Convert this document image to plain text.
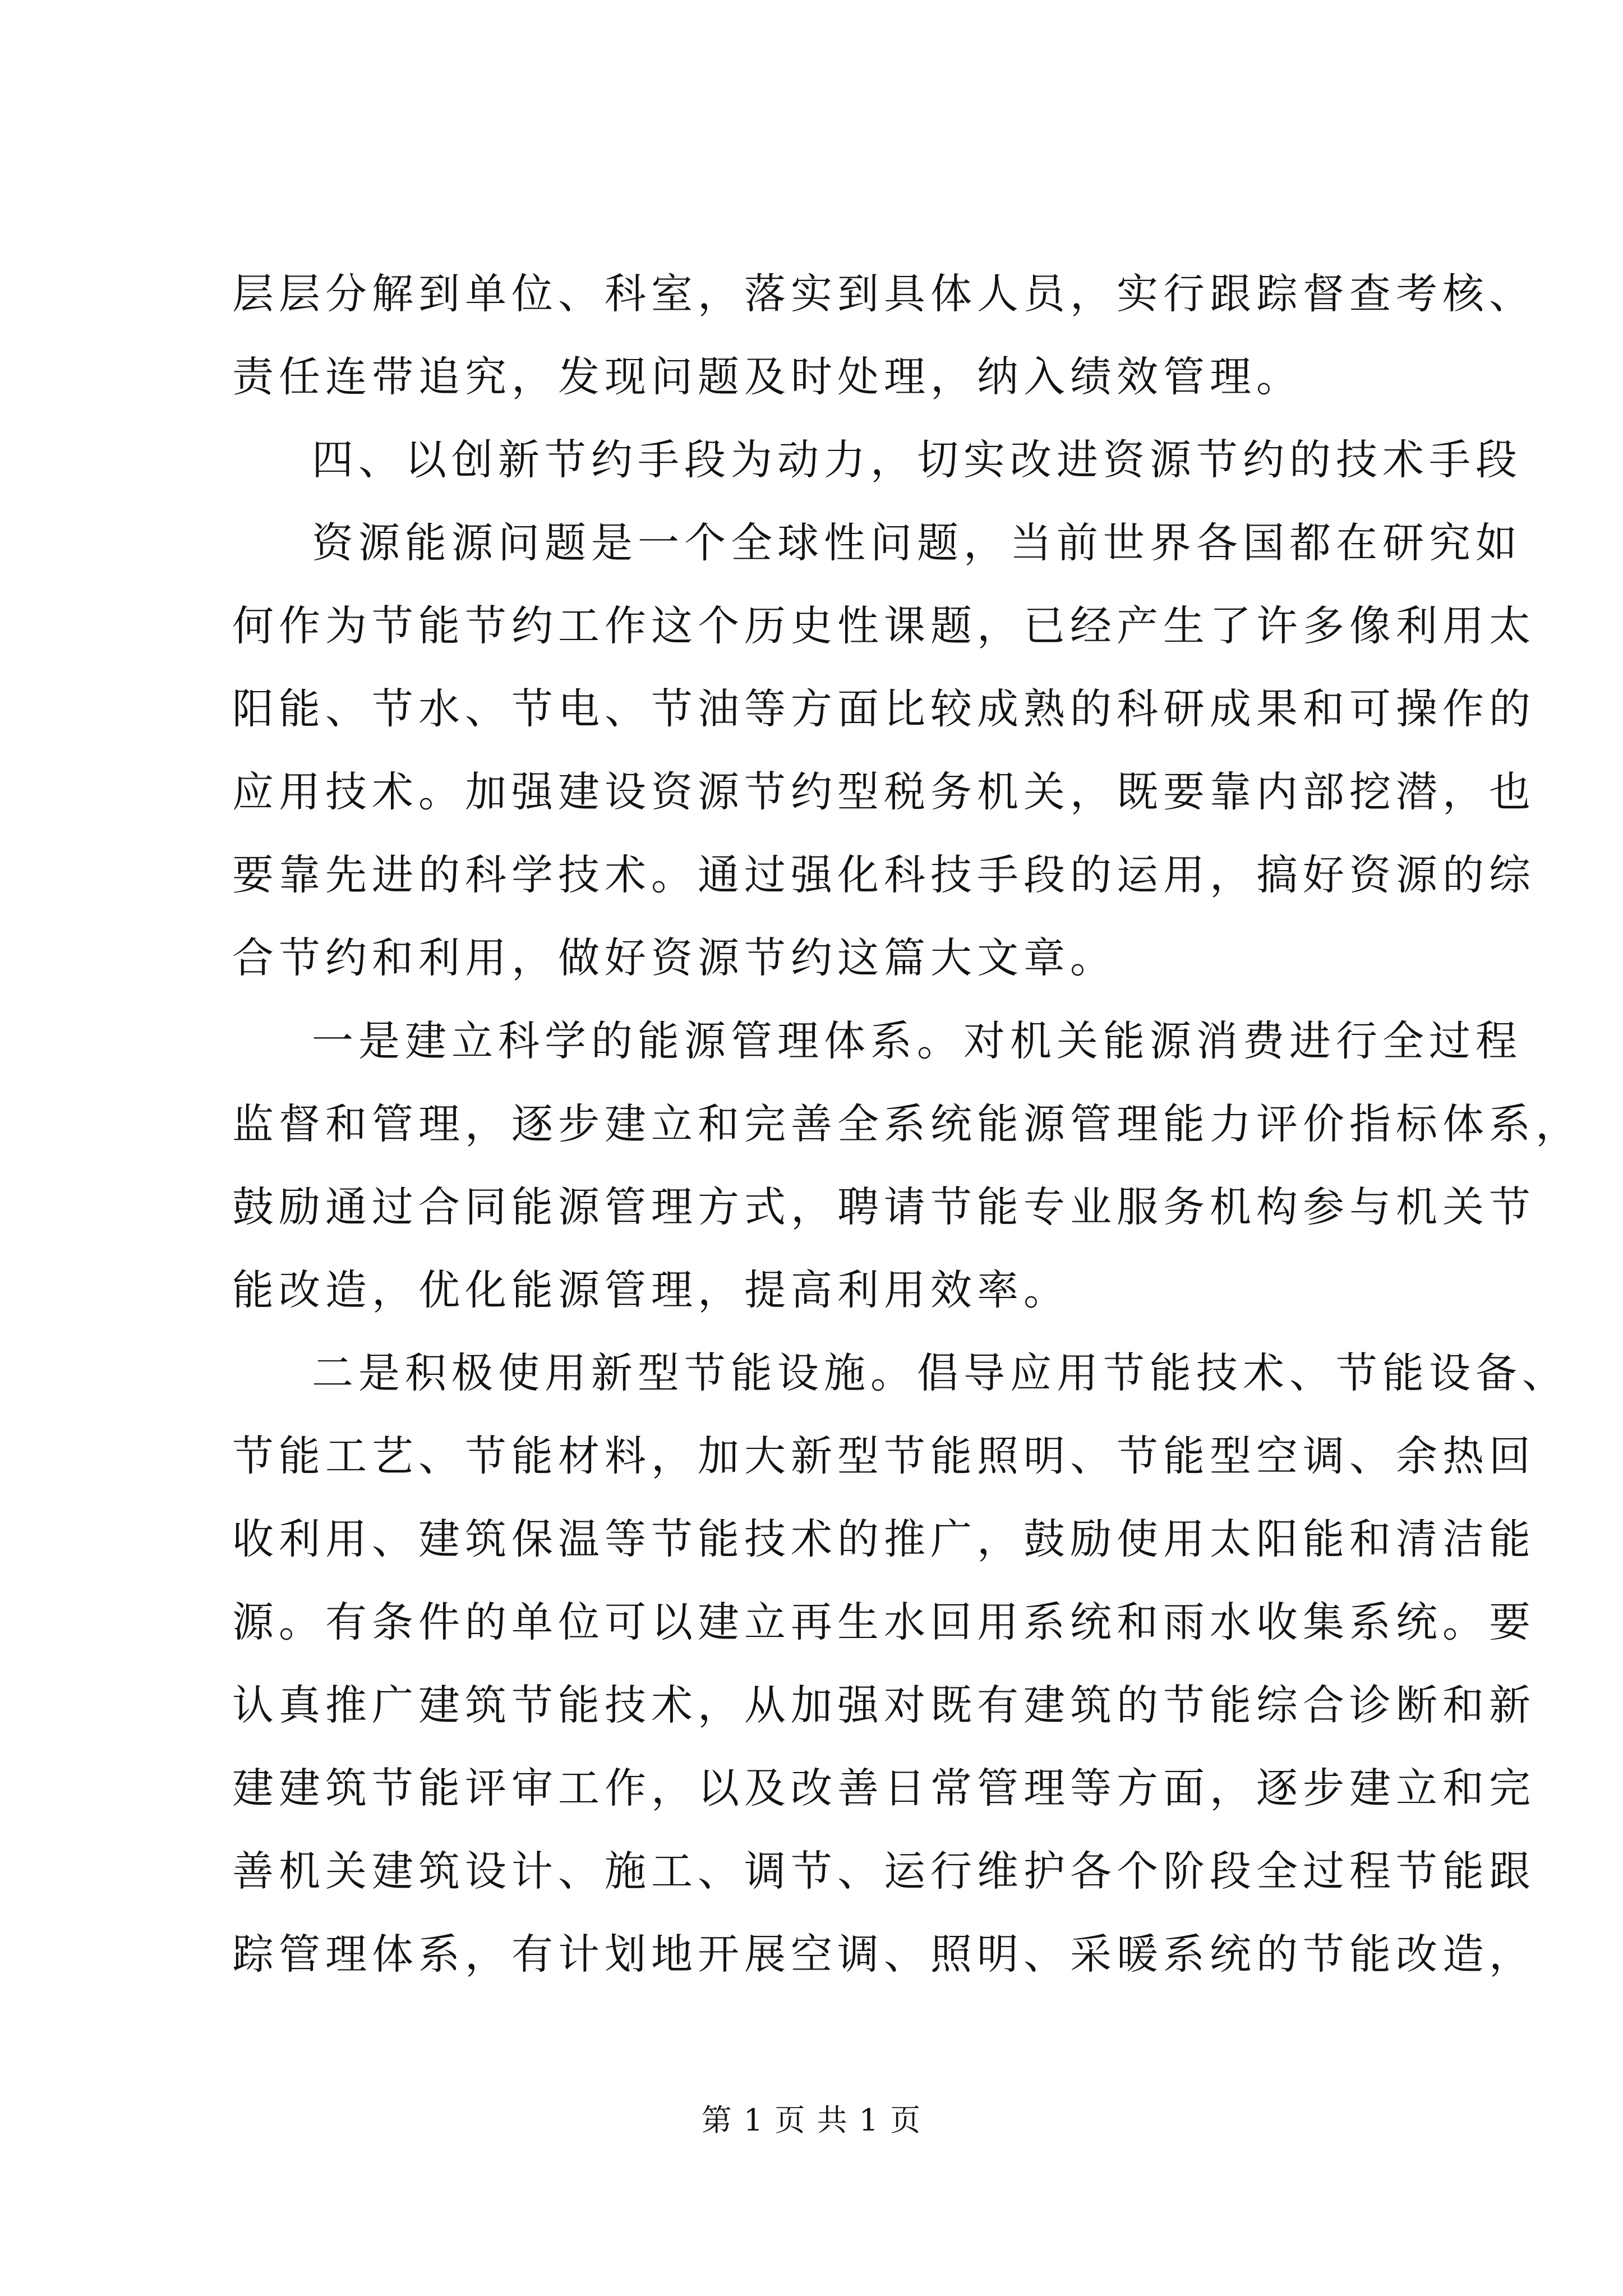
层层分解到单位、科室，落实到具体人员，实行跟踪督查考核、
责任连带追究，发现问题及时处理，纳入绩效管理。
四、以创新节约手段为动力，切实改进资源节约的技术手段
资源能源问题是一个全球性问题，当前世界各国都在研究如
何作为节能节约工作这个历史性课题，已经产生了许多像利用太
阳能、节水、节电、节油等方面比较成熟的科研成果和可操作的
应用技术。加强建设资源节约型税务机关，既要靠内部挖潜，也
要靠先进的科学技术。通过强化科技手段的运用，搞好资源的综
合节约和利用，做好资源节约这篇大文章。
一是建立科学的能源管理体系。对机关能源消费进行全过程
监督和管理，逐步建立和完善全系统能源管理能力评价指标体系，
鼓励通过合同能源管理方式，聘请节能专业服务机构参与机关节
能改造，优化能源管理，提高利用效率。
二是积极使用新型节能设施。倡导应用节能技术、节能设备、
节能工艺、节能材料，加大新型节能照明、节能型空调、余热回
收利用、建筑保温等节能技术的推广，鼓励使用太阳能和清洁能
源。有条件的单位可以建立再生水回用系统和雨水收集系统。要
认真推广建筑节能技术，从加强对既有建筑的节能综合诊断和新
建建筑节能评审工作，以及改善日常管理等方面，逐步建立和完
善机关建筑设计、施工、调节、运行维护各个阶段全过程节能跟
踪管理体系，有计划地开展空调、照明、采暖系统的节能改造，
第 1 页 共 1 页
